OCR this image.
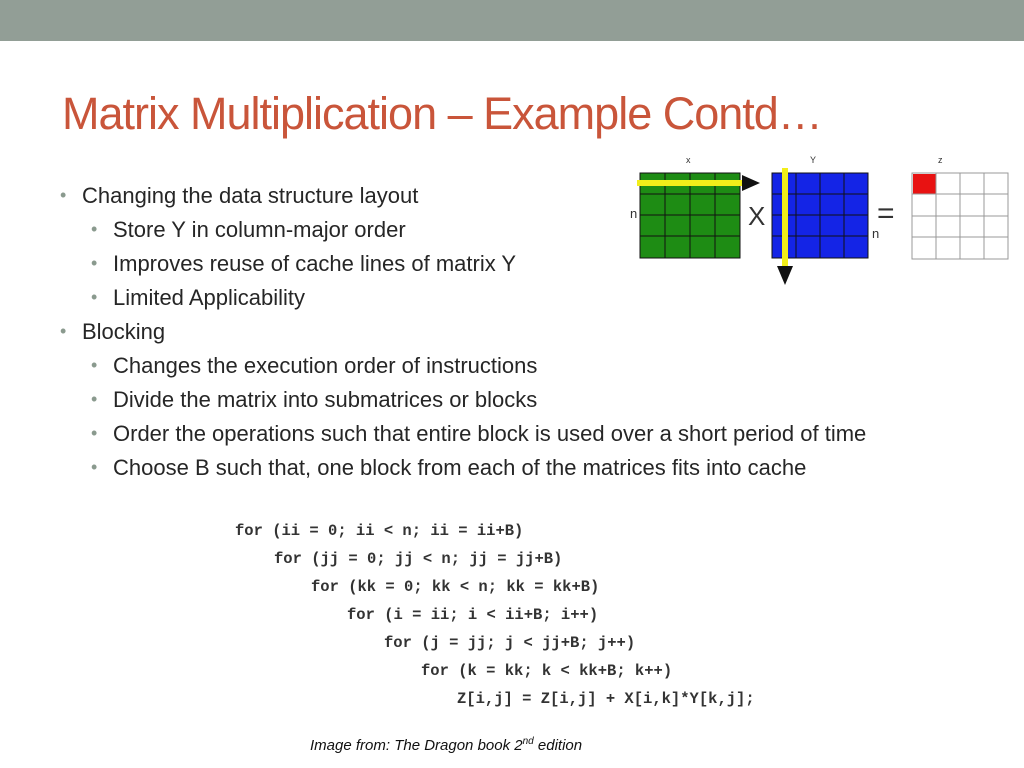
Matrix Multiplication – Example Contd…
• Changing the data structure layout
• Store Y in column-major order
• Improves reuse of cache lines of matrix Y
• Limited Applicability
• Blocking
• Changes the execution order of instructions
• Divide the matrix into submatrices or blocks
• Order the operations such that entire block is used over a short period of time
• Choose B such that, one block from each of the matrices fits into cache
x
n	X
Y
n
=
z
for (ii = 0; ii < n; ii = ii+B)
for (jj = 0; jj < n; jj = jj+B)
for (kk = 0; kk < n; kk = kk+B)
for (i = ii; i < ii+B; i++)
for (j = jj; j < jj+B; j++)
for (k = kk; k < kk+B; k++)
Z[i,j] = Z[i,j] + X[i,k]*Y[k,j];
Image from: The Dragon book 2nd edition
